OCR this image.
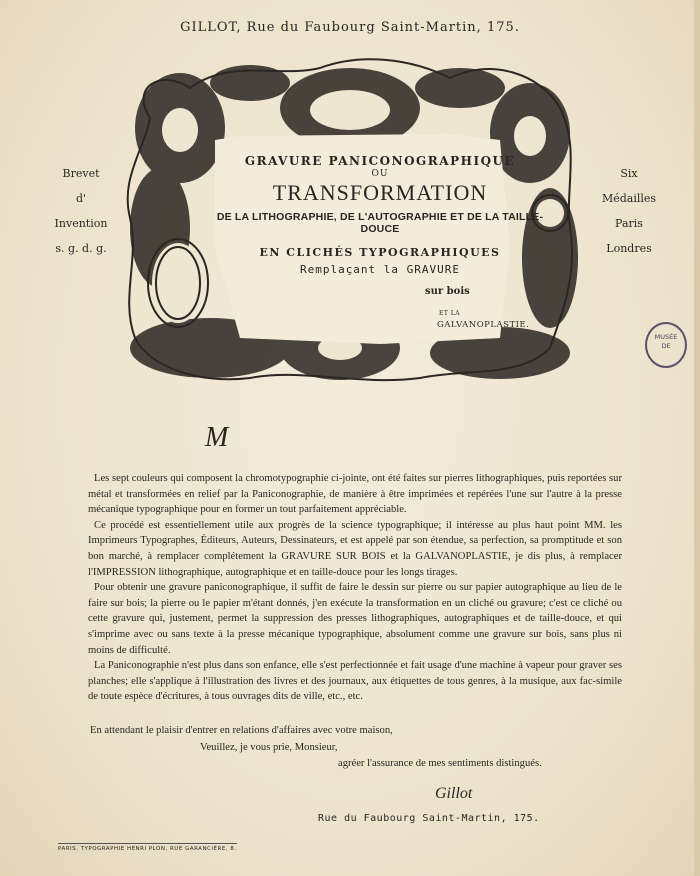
GILLOT, Rue du Faubourg Saint-Martin, 175.
Brevet
d'
Invention
s. g. d. g.
Six
Médailles
Paris
Londres
GRAVURE PANICONOGRAPHIQUE
OU
TRANSFORMATION
DE LA LITHOGRAPHIE, DE L'AUTOGRAPHIE ET DE LA TAILLE-DOUCE
EN CLICHÉS TYPOGRAPHIQUES
Remplaçant la GRAVURE
sur bois
ET LA
GALVANOPLASTIE.
MUSÉE
DE
M

Les sept couleurs qui composent la chromotypographie ci-jointe, ont été faites sur pierres lithographiques, puis reportées sur métal et transformées en relief par la Paniconographie, de manière à être imprimées et repérées l'une sur l'autre à la presse mécanique typographique pour en former un tout parfaitement appréciable.

Ce procédé est essentiellement utile aux progrès de la science typographique; il intéresse au plus haut point MM. les Imprimeurs Typographes, Éditeurs, Auteurs, Dessinateurs, et est appelé par son étendue, sa perfection, sa promptitude et son bon marché, à remplacer complétement la GRAVURE SUR BOIS et la GALVANOPLASTIE, je dis plus, à remplacer l'IMPRESSION lithographique, autographique et en taille-douce pour les longs tirages.

Pour obtenir une gravure paniconographique, il suffit de faire le dessin sur pierre ou sur papier autographique au lieu de le faire sur bois; la pierre ou le papier m'étant donnés, j'en exécute la transformation en un cliché ou gravure; c'est ce cliché ou cette gravure qui, justement, permet la suppression des presses lithographiques, autographiques et de taille-douce, et qui s'imprime avec ou sans texte à la presse mécanique typographique, absolument comme une gravure sur bois, sans plus ni moins de difficulté.

La Paniconographie n'est plus dans son enfance, elle s'est perfectionnée et fait usage d'une machine à vapeur pour graver ses planches; elle s'applique à l'illustration des livres et des journaux, aux étiquettes de tous genres, à la musique, aux fac-simile de toute espèce d'écritures, à tous ouvrages dits de ville, etc., etc.

En attendant le plaisir d'entrer en relations d'affaires avec votre maison,
Veuillez, je vous prie, Monsieur,
agréer l'assurance de mes sentiments distingués.
Gillot
Rue du Faubourg Saint-Martin, 175.
PARIS. TYPOGRAPHIE HENRI PLON, RUE GARANCIÈRE, 8.
